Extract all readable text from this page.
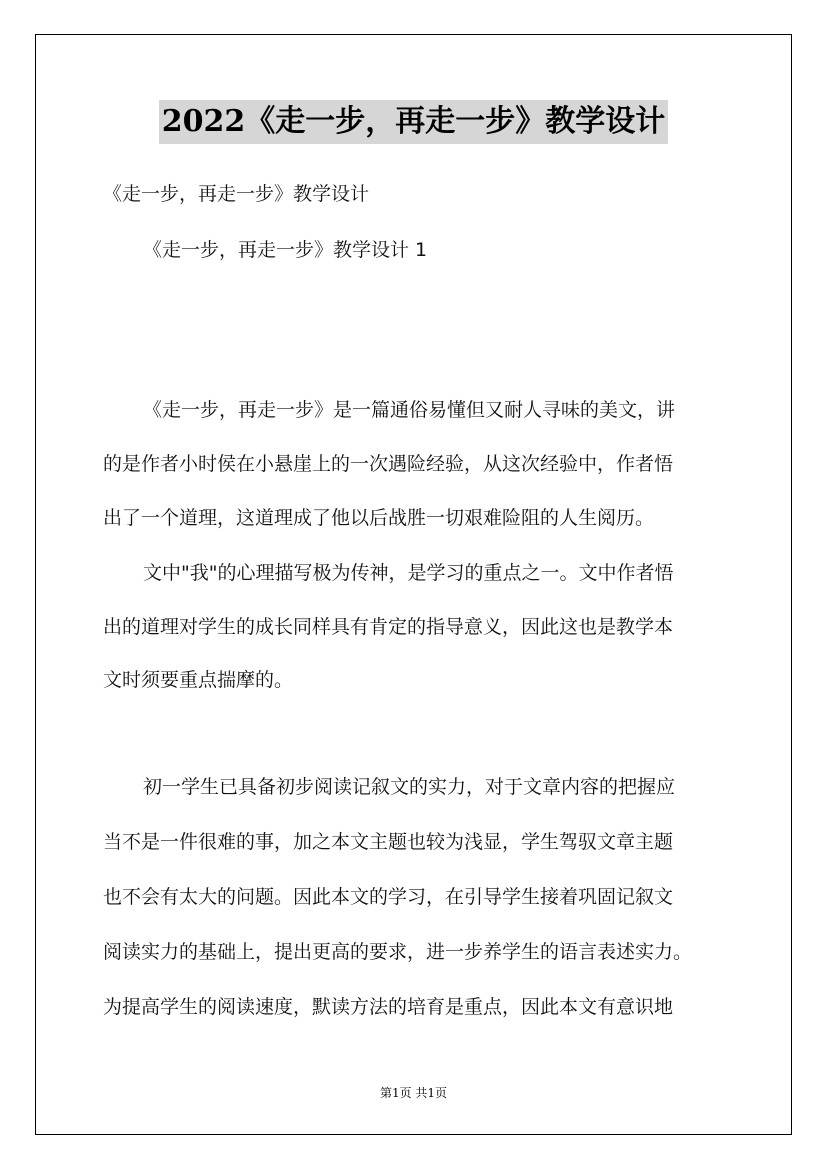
2022《走一步，再走一步》教学设计

《走一步，再走一步》教学设计

《走一步，再走一步》教学设计 1

《走一步，再走一步》是一篇通俗易懂但又耐人寻味的美文，讲

的是作者小时侯在小悬崖上的一次遇险经验，从这次经验中，作者悟

出了一个道理，这道理成了他以后战胜一切艰难险阻的人生阅历。

文中"我"的心理描写极为传神，是学习的重点之一。文中作者悟

出的道理对学生的成长同样具有肯定的指导意义，因此这也是教学本

文时须要重点揣摩的。

初一学生已具备初步阅读记叙文的实力，对于文章内容的把握应

当不是一件很难的事，加之本文主题也较为浅显，学生驾驭文章主题

也不会有太大的问题。因此本文的学习，在引导学生接着巩固记叙文

阅读实力的基础上，提出更高的要求，进一步养学生的语言表述实力。

为提高学生的阅读速度，默读方法的培育是重点，因此本文有意识地

第1页 共1页
